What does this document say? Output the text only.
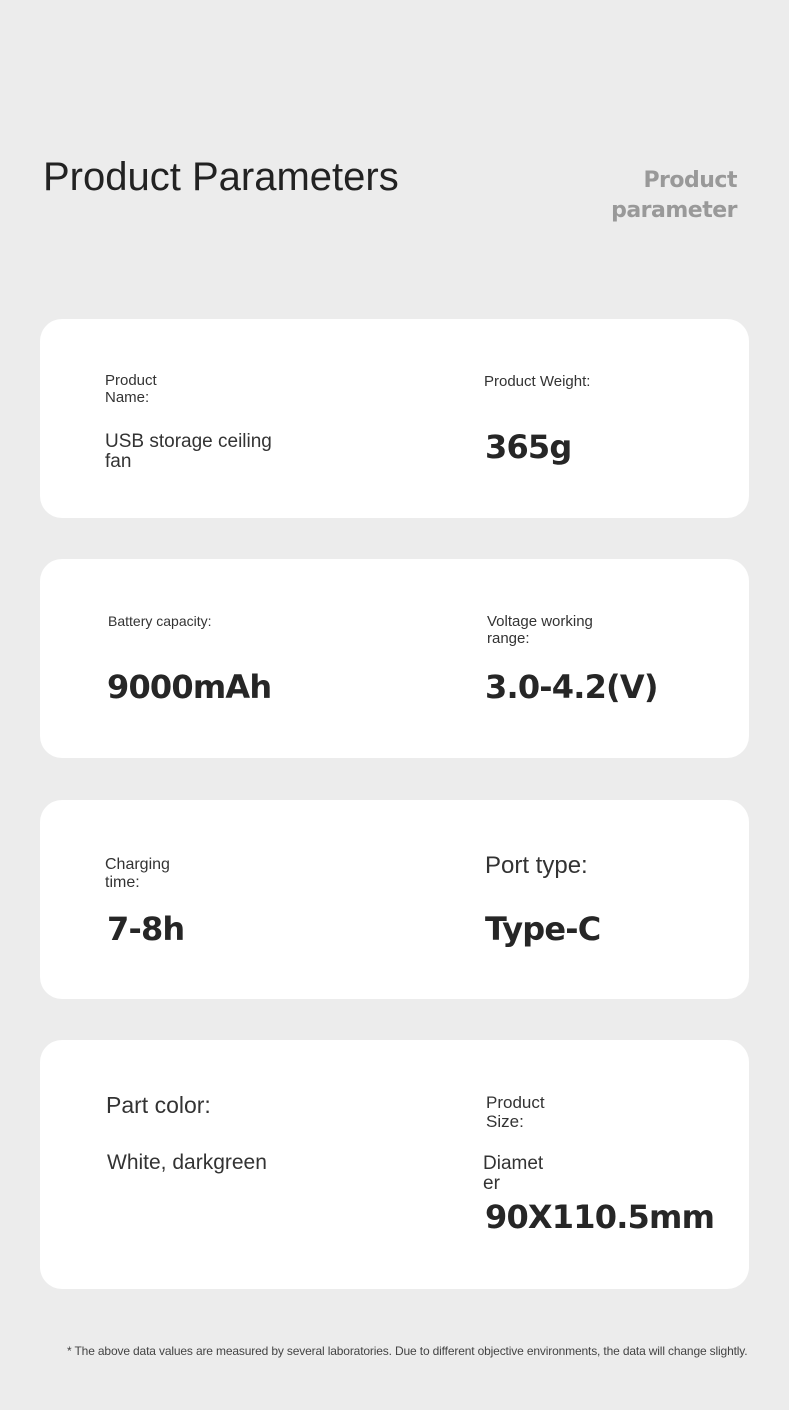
Product Parameters	Product parameter
Product Name:
USB storage ceiling fan
Product Weight:
365g
Battery capacity:
9000mAh
Voltage working range:
3.0-4.2(V)
Charging time:
7-8h
Port type:
Type-C
Part color:
White, darkgreen
Product Size:
Diameter
90X110.5mm
* The above data values are measured by several laboratories. Due to different objective environments, the data will change slightly.
